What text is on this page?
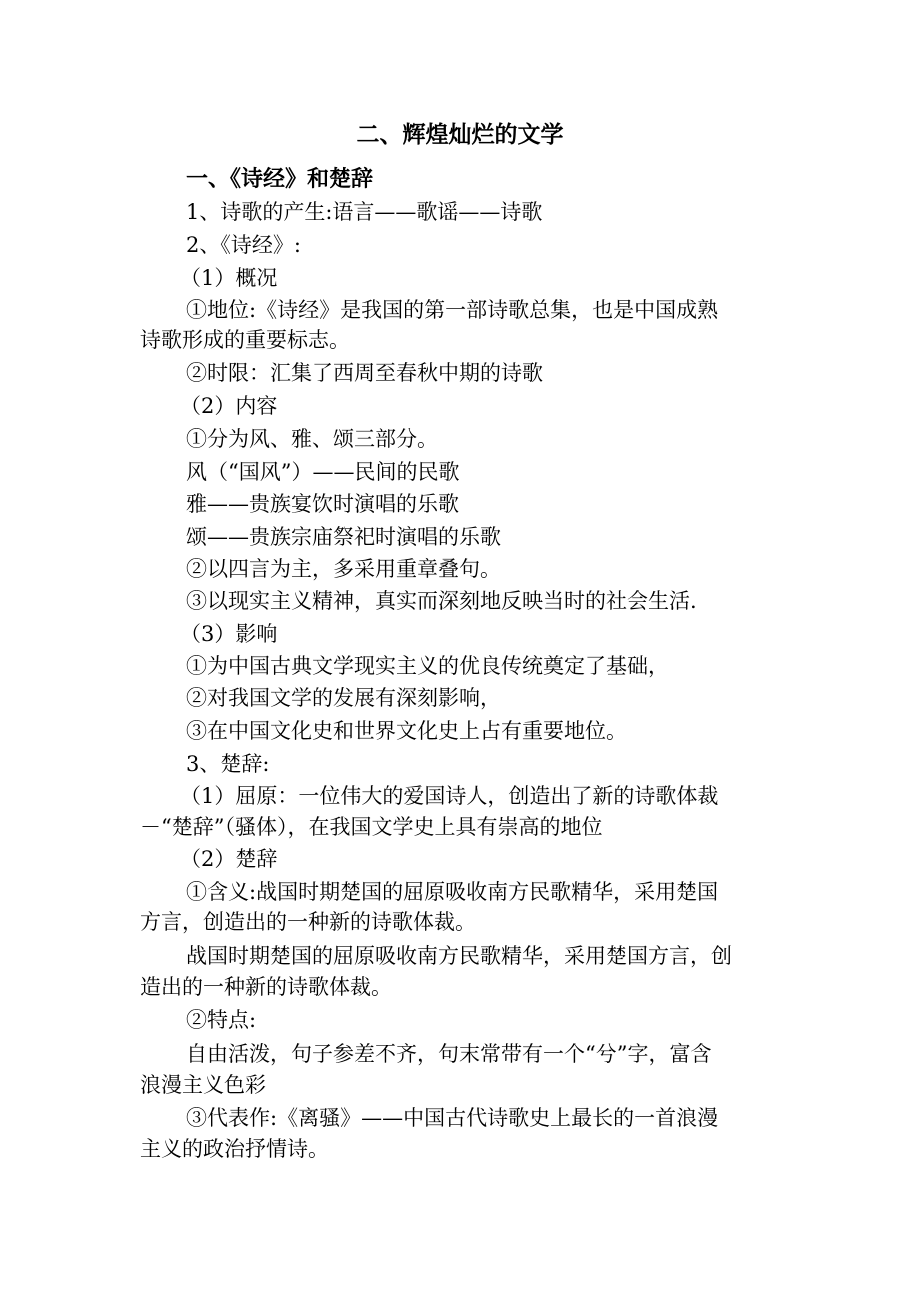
二、辉煌灿烂的文学
一、《诗经》和楚辞
1、诗歌的产生:语言——歌谣——诗歌
2、《诗经》:
（1）概况
①地位:《诗经》是我国的第一部诗歌总集，也是中国成熟
诗歌形成的重要标志。
②时限：汇集了西周至春秋中期的诗歌
（2）内容
①分为风、雅、颂三部分。
风（“国风”）——民间的民歌
雅——贵族宴饮时演唱的乐歌
颂——贵族宗庙祭祀时演唱的乐歌
②以四言为主，多采用重章叠句。
③以现实主义精神，真实而深刻地反映当时的社会生活.
（3）影响
①为中国古典文学现实主义的优良传统奠定了基础，
②对我国文学的发展有深刻影响，
③在中国文化史和世界文化史上占有重要地位。
3、楚辞:
（1）屈原：一位伟大的爱国诗人，创造出了新的诗歌体裁
－“楚辞”（骚体），在我国文学史上具有崇高的地位
（2）楚辞
①含义:战国时期楚国的屈原吸收南方民歌精华，采用楚国
方言，创造出的一种新的诗歌体裁。
战国时期楚国的屈原吸收南方民歌精华，采用楚国方言，创
造出的一种新的诗歌体裁。
②特点:
自由活泼，句子参差不齐，句末常带有一个“兮”字，富含
浪漫主义色彩
③代表作:《离骚》——中国古代诗歌史上最长的一首浪漫
主义的政治抒情诗。
